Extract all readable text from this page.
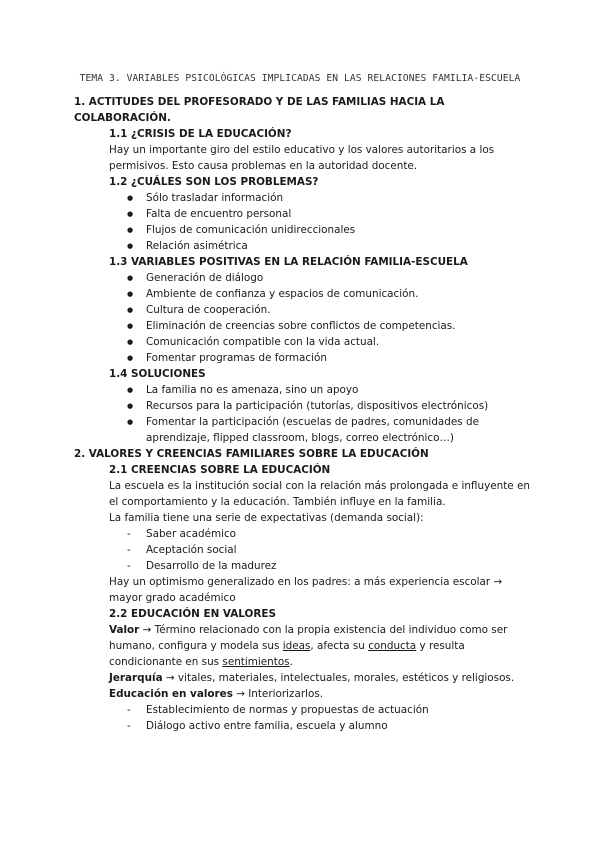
TEMA 3. VARIABLES PSICOLÓGICAS IMPLICADAS EN LAS RELACIONES FAMILIA-ESCUELA

1. ACTITUDES DEL PROFESORADO Y DE LAS FAMILIAS HACIA LA COLABORACIÓN.

1.1 ¿CRISIS DE LA EDUCACIÓN?

Hay un importante giro del estilo educativo y los valores autoritarios a los permisivos. Esto causa problemas en la autoridad docente.

1.2 ¿CUÁLES SON LOS PROBLEMAS?

● Sólo trasladar información
● Falta de encuentro personal
● Flujos de comunicación unidireccionales
● Relación asimétrica

1.3 VARIABLES POSITIVAS EN LA RELACIÓN FAMILIA-ESCUELA

● Generación de diálogo
● Ambiente de confianza y espacios de comunicación.
● Cultura de cooperación.
● Eliminación de creencias sobre conflictos de competencias.
● Comunicación compatible con la vida actual.
● Fomentar programas de formación

1.4 SOLUCIONES

● La familia no es amenaza, sino un apoyo
● Recursos para la participación (tutorías, dispositivos electrónicos)
● Fomentar la participación (escuelas de padres, comunidades de aprendizaje, flipped classroom, blogs, correo electrónico…)

2. VALORES Y CREENCIAS FAMILIARES SOBRE LA EDUCACIÓN

2.1 CREENCIAS SOBRE LA EDUCACIÓN

La escuela es la institución social con la relación más prolongada e influyente en el comportamiento y la educación. También influye en la familia.

La familia tiene una serie de expectativas (demanda social):

- Saber académico
- Aceptación social
- Desarrollo de la madurez

Hay un optimismo generalizado en los padres: a más experiencia escolar → mayor grado académico

2.2 EDUCACIÓN EN VALORES

Valor → Término relacionado con la propia existencia del individuo como ser humano, configura y modela sus ideas, afecta su conducta y resulta condicionante en sus sentimientos.

Jerarquía → vitales, materiales, intelectuales, morales, estéticos y religiosos.

Educación en valores → Interiorizarlos.

- Establecimiento de normas y propuestas de actuación
- Diálogo activo entre familia, escuela y alumno
